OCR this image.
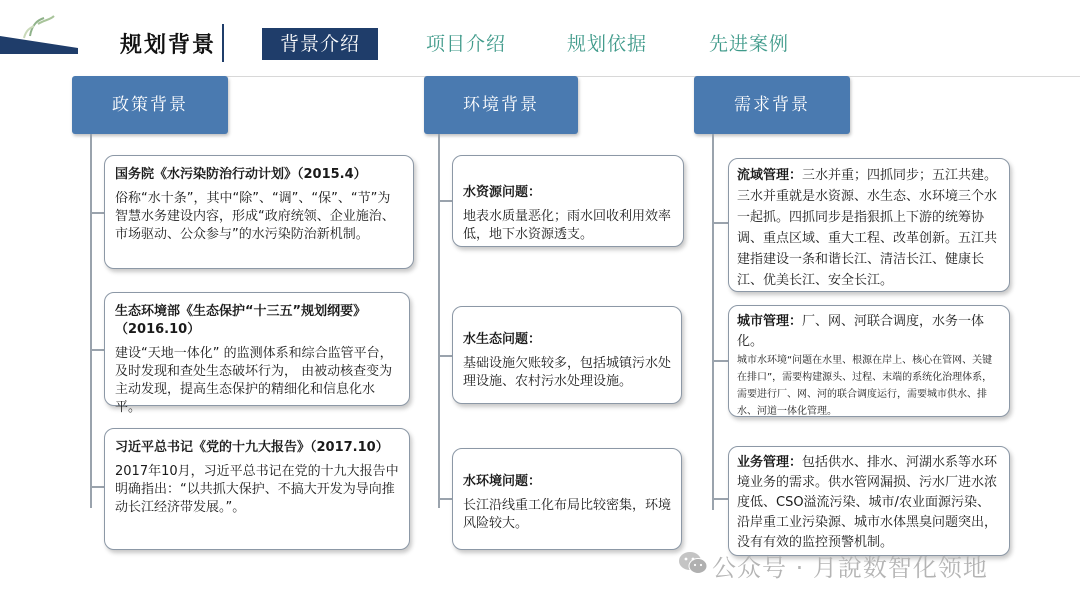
规划背景	背景介绍	项目介绍	规划依据	先进案例
政策背景
国务院《水污染防治行动计划》（2015.4）
俗称“水十条”，其中“除”、“调”、“保”、“节”为智慧水务建设内容，形成“政府统领、企业施治、市场驱动、公众参与”的水污染防治新机制。
生态环境部《生态保护“十三五”规划纲要》（2016.10）
建设“天地一体化” 的监测体系和综合监管平台，及时发现和查处生态破坏行为， 由被动核查变为主动发现，提高生态保护的精细化和信息化水平。
习近平总书记《党的十九大报告》（2017.10）
2017年10月，习近平总书记在党的十九大报告中明确指出：“以共抓大保护、不搞大开发为导向推动长江经济带发展。”。
环境背景
水资源问题：
地表水质量恶化；雨水回收利用效率低，地下水资源透支。
水生态问题：
基础设施欠账较多，包括城镇污水处理设施、农村污水处理设施。
水环境问题：
长江沿线重工化布局比较密集，环境风险较大。
需求背景
流域管理：三水并重；四抓同步；五江共建。三水并重就是水资源、水生态、水环境三个水一起抓。四抓同步是指狠抓上下游的统筹协调、重点区域、重大工程、改革创新。五江共建指建设一条和谐长江、清洁长江、健康长江、优美长江、安全长江。
城市管理：厂、网、河联合调度，水务一体化。
城市水环境“问题在水里、根源在岸上、核心在管网、关键在排口”，需要构建源头、过程、末端的系统化治理体系，需要进行厂、网、河的联合调度运行，需要城市供水、排水、河道一体化管理。
业务管理：包括供水、排水、河湖水系等水环境业务的需求。供水管网漏损、污水厂进水浓度低、CSO溢流污染、城市/农业面源污染、沿岸重工业污染源、城市水体黑臭问题突出，没有有效的监控预警机制。
公众号 · 月說数智化领地
